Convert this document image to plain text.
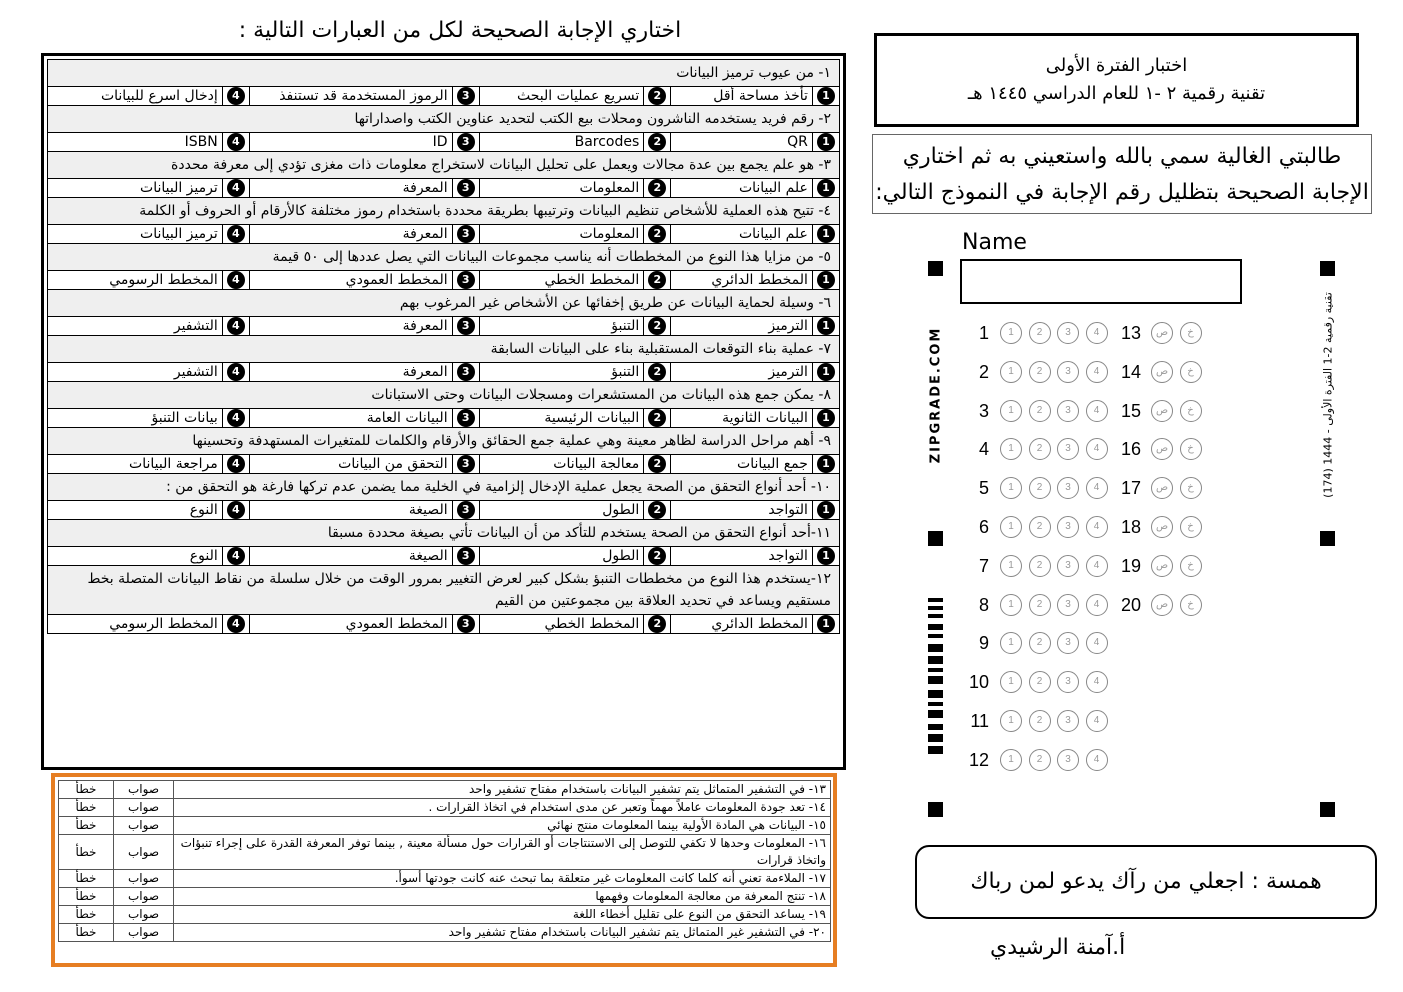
اختاري الإجابة الصحيحة لكل من العبارات التالية :
١- من عيوب ترميز البيانات							
1	تأخذ مساحة أقل	2	تسريع عمليات البحث	3	الرموز المستخدمة قد تستنفذ	4	إدخال اسرع للبيانات
٢- رقم فريد يستخدمه الناشرون ومحلات بيع الكتب لتحديد عناوين الكتب واصداراتها							
1	QR	2	Barcodes	3	ID	4	ISBN
٣- هو علم يجمع بين عدة مجالات ويعمل على تحليل البيانات لاستخراج معلومات ذات مغزى تؤدي إلى معرفة محددة							
1	علم البيانات	2	المعلومات	3	المعرفة	4	ترميز البيانات
٤- تتيح هذه العملية للأشخاص تنظيم البيانات وترتيبها بطريقة محددة باستخدام رموز مختلفة كالأرقام أو الحروف أو الكلمة							
1	علم البيانات	2	المعلومات	3	المعرفة	4	ترميز البيانات
٥- من مزايا هذا النوع من المخططات أنه يناسب مجموعات البيانات التي يصل عددها إلى ٥٠ قيمة							
1	المخطط الدائري	2	المخطط الخطي	3	المخطط العمودي	4	المخطط الرسومي
٦- وسيلة لحماية البيانات عن طريق إخفائها عن الأشخاص غير المرغوب بهم							
1	الترميز	2	التنبؤ	3	المعرفة	4	التشفير
٧- عملية بناء التوقعات المستقبلية بناء على البيانات السابقة							
1	الترميز	2	التنبؤ	3	المعرفة	4	التشفير
٨- يمكن جمع هذه البيانات من المستشعرات ومسجلات البيانات وحتى الاستبانات							
1	البيانات الثانوية	2	البيانات الرئيسية	3	البيانات العامة	4	بيانات التنبؤ
٩- أهم مراحل الدراسة لظاهر معينة وهي عملية جمع الحقائق والأرقام والكلمات للمتغيرات المستهدفة وتحسينها							
1	جمع البيانات	2	معالجة البيانات	3	التحقق من البيانات	4	مراجعة البيانات
١٠- أحد أنواع التحقق من الصحة يجعل عملية الإدخال إلزامية في الخلية مما يضمن عدم تركها فارغة هو التحقق من :							
1	التواجد	2	الطول	3	الصيغة	4	النوع
١١-أحد أنواع التحقق من الصحة يستخدم للتأكد من أن البيانات تأتي بصيغة محددة مسبقا							
1	التواجد	2	الطول	3	الصيغة	4	النوع
١٢-يستخدم هذا النوع من مخططات التنبؤ بشكل كبير لعرض التغيير بمرور الوقت من خلال سلسلة من نقاط البيانات المتصلة بخط مستقيم ويساعد في تحديد العلاقة بين مجموعتين من القيم							
1	المخطط الدائري	2	المخطط الخطي	3	المخطط العمودي	4	المخطط الرسومي
١٣- في التشفير المتماثل يتم تشفير البيانات باستخدام مفتاح تشفير واحد	صواب	خطأ
١٤- تعد جودة المعلومات عاملاً مهماً وتعبر عن مدى استخدام في اتخاذ القرارات .	صواب	خطأ
١٥- البيانات هي المادة الأولية بينما المعلومات منتج نهائي	صواب	خطأ
١٦- المعلومات وحدها لا تكفي للتوصل إلى الاستنتاجات أو القرارات حول مسألة معينة , بينما توفر المعرفة القدرة على إجراء تنبؤات واتخاذ قرارات	صواب	خطأ
١٧- الملاءمة تعني أنه كلما كانت المعلومات غير متعلقة بما تبحث عنه كانت جودتها أسوأ.	صواب	خطأ
١٨- تنتج المعرفة من معالجة المعلومات وفهمها	صواب	خطأ
١٩- يساعد التحقق من النوع على تقليل أخطاء اللغة	صواب	خطأ
٢٠- في التشفير غير المتماثل يتم تشفير البيانات باستخدام مفتاح تشفير واحد	صواب	خطأ
اختبار الفترة الأولى
تقنية رقمية ٢ -١ للعام الدراسي ١٤٤٥ هـ
طالبتي الغالية سمي بالله واستعيني به ثم اختاري الإجابة الصحيحة بتظليل رقم الإجابة في النموذج التالي:
Name
ZIPGRADE.COM
تقنية رقمية 2-1 الفترة الأولى - 1444 (174)
1	1	2	3	4
2	1	2	3	4
3	1	2	3	4
4	1	2	3	4
5	1	2	3	4
6	1	2	3	4
7	1	2	3	4
8	1	2	3	4
9	1	2	3	4
10	1	2	3	4
11	1	2	3	4
12	1	2	3	4
13	ص	خ
14	ص	خ
15	ص	خ
16	ص	خ
17	ص	خ
18	ص	خ
19	ص	خ
20	ص	خ
همسة : اجعلي من رآك يدعو لمن رباك
أ.آمنة الرشيدي
